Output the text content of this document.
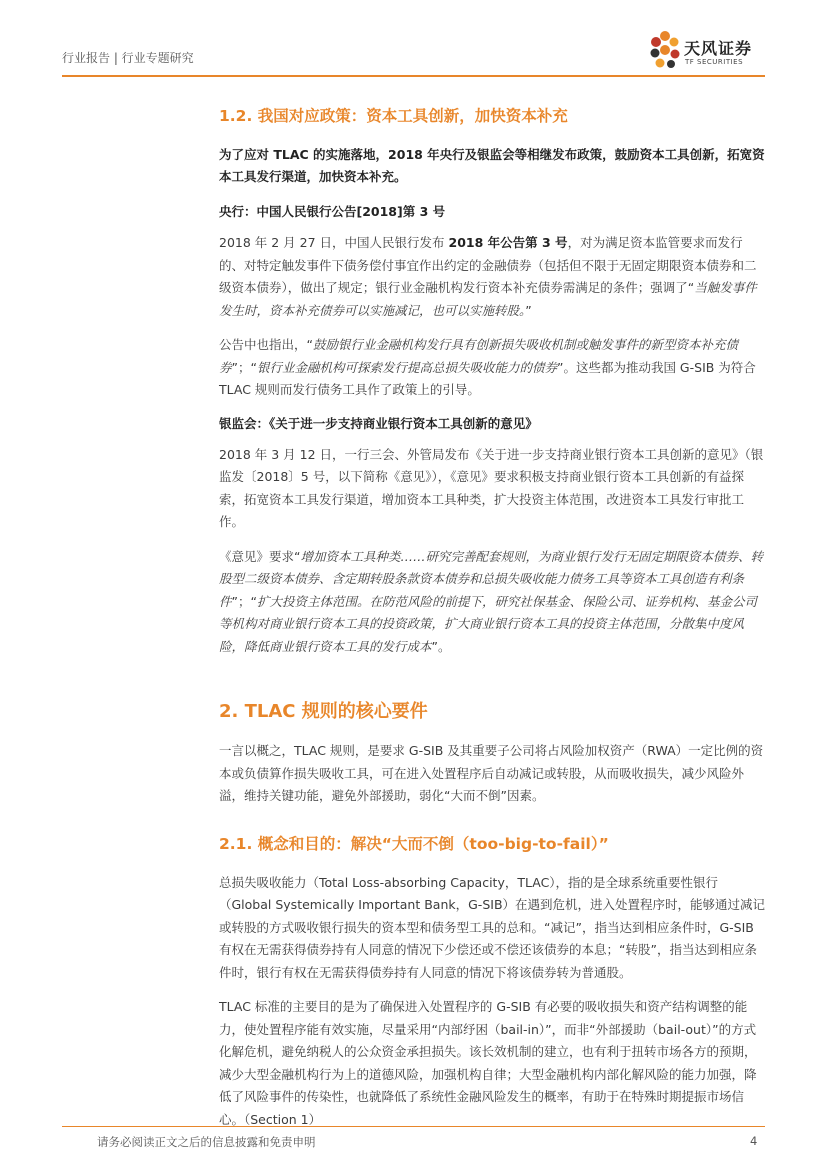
行业报告 | 行业专题研究	天风证券
TF SECURITIES
1.2. 我国对应政策：资本工具创新，加快资本补充
为了应对 TLAC 的实施落地，2018 年央行及银监会等相继发布政策，鼓励资本工具创新，拓宽资本工具发行渠道，加快资本补充。
央行：中国人民银行公告[2018]第 3 号
2018 年 2 月 27 日，中国人民银行发布 2018 年公告第 3 号，对为满足资本监管要求而发行的、对特定触发事件下债务偿付事宜作出约定的金融债券（包括但不限于无固定期限资本债券和二级资本债券），做出了规定；银行业金融机构发行资本补充债券需满足的条件；强调了“当触发事件发生时，资本补充债券可以实施减记，也可以实施转股。”
公告中也指出，“鼓励银行业金融机构发行具有创新损失吸收机制或触发事件的新型资本补充债券”；“银行业金融机构可探索发行提高总损失吸收能力的债券”。这些都为推动我国 G-SIB 为符合 TLAC 规则而发行债务工具作了政策上的引导。
银监会：《关于进一步支持商业银行资本工具创新的意见》
2018 年 3 月 12 日，一行三会、外管局发布《关于进一步支持商业银行资本工具创新的意见》（银监发〔2018〕5 号，以下简称《意见》），《意见》要求积极支持商业银行资本工具创新的有益探索，拓宽资本工具发行渠道，增加资本工具种类，扩大投资主体范围，改进资本工具发行审批工作。
《意见》要求“增加资本工具种类……研究完善配套规则，为商业银行发行无固定期限资本债券、转股型二级资本债券、含定期转股条款资本债券和总损失吸收能力债务工具等资本工具创造有利条件”；“扩大投资主体范围。在防范风险的前提下，研究社保基金、保险公司、证券机构、基金公司等机构对商业银行资本工具的投资政策，扩大商业银行资本工具的投资主体范围，分散集中度风险，降低商业银行资本工具的发行成本”。
2. TLAC 规则的核心要件
一言以概之，TLAC 规则，是要求 G-SIB 及其重要子公司将占风险加权资产（RWA）一定比例的资本或负债算作损失吸收工具，可在进入处置程序后自动减记或转股，从而吸收损失，减少风险外溢，维持关键功能，避免外部援助，弱化“大而不倒”因素。
2.1. 概念和目的：解决“大而不倒（too-big-to-fail）”
总损失吸收能力（Total Loss-absorbing Capacity，TLAC），指的是全球系统重要性银行（Global Systemically Important Bank，G-SIB）在遇到危机，进入处置程序时，能够通过减记或转股的方式吸收银行损失的资本型和债务型工具的总和。“减记”，指当达到相应条件时，G-SIB 有权在无需获得债券持有人同意的情况下少偿还或不偿还该债券的本息；“转股”，指当达到相应条件时，银行有权在无需获得债券持有人同意的情况下将该债券转为普通股。
TLAC 标准的主要目的是为了确保进入处置程序的 G-SIB 有必要的吸收损失和资产结构调整的能力，使处置程序能有效实施，尽量采用“内部纾困（bail-in）”，而非“外部援助（bail-out）”的方式化解危机，避免纳税人的公众资金承担损失。该长效机制的建立，也有利于扭转市场各方的预期，减少大型金融机构行为上的道德风险，加强机构自律；大型金融机构内部化解风险的能力加强，降低了风险事件的传染性，也就降低了系统性金融风险发生的概率，有助于在特殊时期提振市场信心。（Section 1）
请务必阅读正文之后的信息披露和免责申明	4
